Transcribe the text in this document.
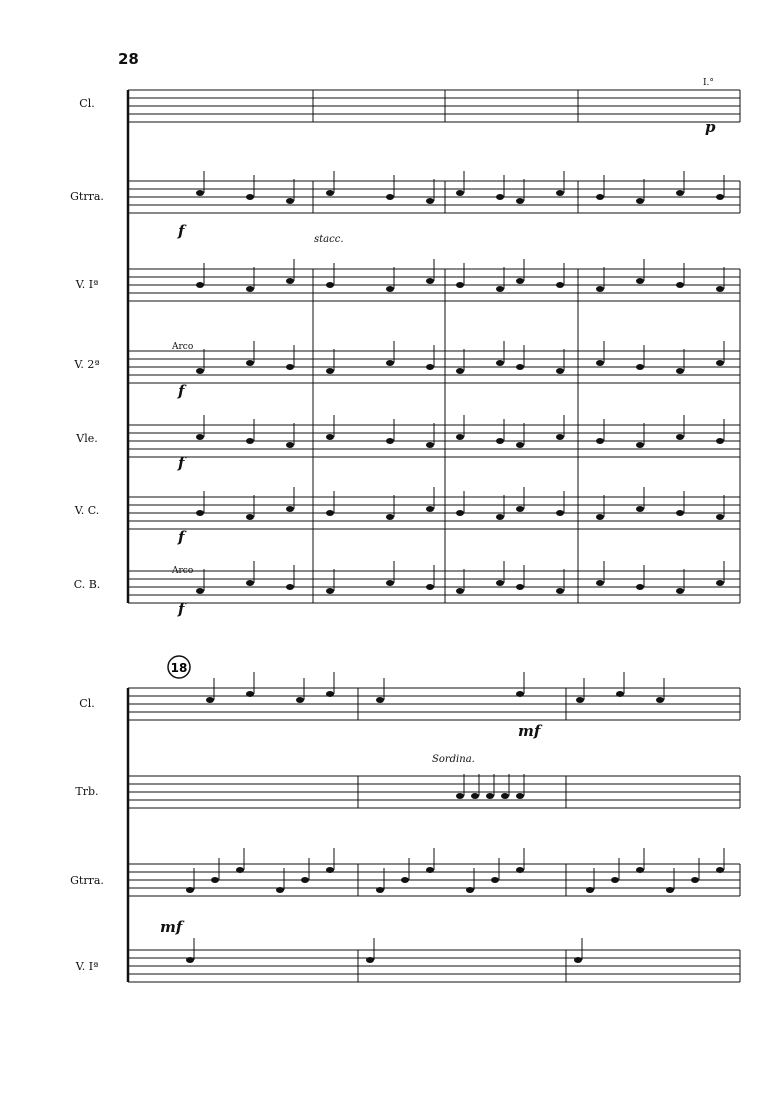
28
Cl.
Gtrra.
V. Iª
V. 2ª
Vle.
V. C.
C. B.
Cl.
Trb.
Gtrra.
V. Iª
I.°
p
f	stacc.
Arco
f
f
f
Arco
f
mf
Sordina.
mf
18
